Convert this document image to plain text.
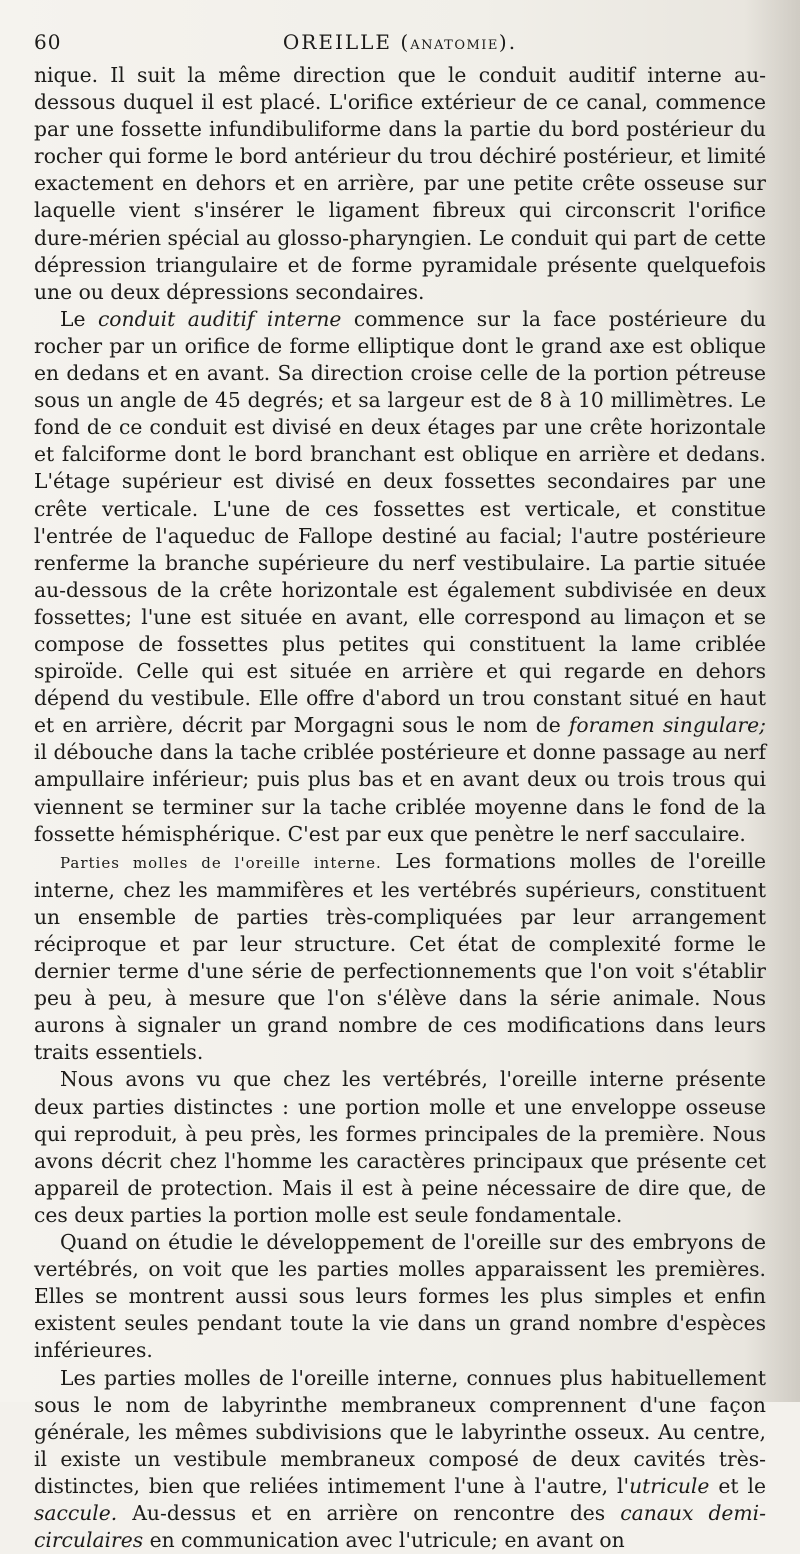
60	OREILLE (ANATOMIE).

nique. Il suit la même direction que le conduit auditif interne au-dessous duquel il est placé. L'orifice extérieur de ce canal, commence par une fossette infundibuliforme dans la partie du bord postérieur du rocher qui forme le bord antérieur du trou déchiré postérieur, et limité exactement en dehors et en arrière, par une petite crête osseuse sur laquelle vient s'insérer le ligament fibreux qui circonscrit l'orifice dure-mérien spécial au glosso-pharyngien. Le conduit qui part de cette dépression triangulaire et de forme pyramidale présente quelquefois une ou deux dépressions secondaires.

Le conduit auditif interne commence sur la face postérieure du rocher par un orifice de forme elliptique dont le grand axe est oblique en dedans et en avant. Sa direction croise celle de la portion pétreuse sous un angle de 45 degrés; et sa largeur est de 8 à 10 millimètres. Le fond de ce conduit est divisé en deux étages par une crête horizontale et falciforme dont le bord branchant est oblique en arrière et dedans. L'étage supérieur est divisé en deux fossettes secondaires par une crête verticale. L'une de ces fossettes est verticale, et constitue l'entrée de l'aqueduc de Fallope destiné au facial; l'autre postérieure renferme la branche supérieure du nerf vestibulaire. La partie située au-dessous de la crête horizontale est également subdivisée en deux fossettes; l'une est située en avant, elle correspond au limaçon et se compose de fossettes plus petites qui constituent la lame criblée spiroïde. Celle qui est située en arrière et qui regarde en dehors dépend du vestibule. Elle offre d'abord un trou constant situé en haut et en arrière, décrit par Morgagni sous le nom de foramen singulare; il débouche dans la tache criblée postérieure et donne passage au nerf ampullaire inférieur; puis plus bas et en avant deux ou trois trous qui viennent se terminer sur la tache criblée moyenne dans le fond de la fossette hémisphérique. C'est par eux que penètre le nerf sacculaire.

Parties molles de l'oreille interne. Les formations molles de l'oreille interne, chez les mammifères et les vertébrés supérieurs, constituent un ensemble de parties très-compliquées par leur arrangement réciproque et par leur structure. Cet état de complexité forme le dernier terme d'une série de perfectionnements que l'on voit s'établir peu à peu, à mesure que l'on s'élève dans la série animale. Nous aurons à signaler un grand nombre de ces modifications dans leurs traits essentiels.

Nous avons vu que chez les vertébrés, l'oreille interne présente deux parties distinctes : une portion molle et une enveloppe osseuse qui reproduit, à peu près, les formes principales de la première. Nous avons décrit chez l'homme les caractères principaux que présente cet appareil de protection. Mais il est à peine nécessaire de dire que, de ces deux parties la portion molle est seule fondamentale.

Quand on étudie le développement de l'oreille sur des embryons de vertébrés, on voit que les parties molles apparaissent les premières. Elles se montrent aussi sous leurs formes les plus simples et enfin existent seules pendant toute la vie dans un grand nombre d'espèces inférieures.

Les parties molles de l'oreille interne, connues plus habituellement sous le nom de labyrinthe membraneux comprennent d'une façon générale, les mêmes subdivisions que le labyrinthe osseux. Au centre, il existe un vestibule membraneux composé de deux cavités très-distinctes, bien que reliées intimement l'une à l'autre, l'utricule et le saccule. Au-dessus et en arrière on rencontre des canaux demi-circulaires en communication avec l'utricule; en avant on
